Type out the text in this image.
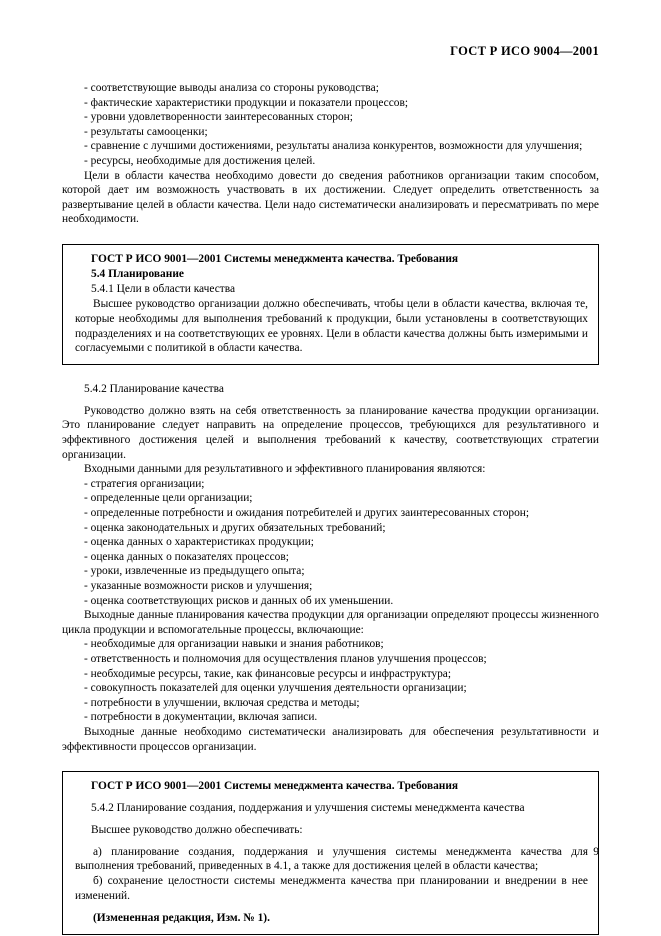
ГОСТ Р ИСО 9004—2001
- соответствующие выводы анализа со стороны руководства;
- фактические характеристики продукции и показатели процессов;
- уровни удовлетворенности заинтересованных сторон;
- результаты самооценки;
- сравнение с лучшими достижениями, результаты анализа конкурентов, возможности для улучшения;
- ресурсы, необходимые для достижения целей.
Цели в области качества необходимо довести до сведения работников организации таким способом, которой дает им возможность участвовать в их достижении. Следует определить ответственность за развертывание целей в области качества. Цели надо систематически анализировать и пересматривать по мере необходимости.
ГОСТ Р ИСО 9001—2001 Системы менеджмента качества. Требования
5.4 Планирование
5.4.1 Цели в области качества
Высшее руководство организации должно обеспечивать, чтобы цели в области качества, включая те, которые необходимы для выполнения требований к продукции, были установлены в соответствующих подразделениях и на соответствующих ее уровнях. Цели в области качества должны быть измеримыми и согласуемыми с политикой в области качества.
5.4.2 Планирование качества
Руководство должно взять на себя ответственность за планирование качества продукции организации. Это планирование следует направить на определение процессов, требующихся для результативного и эффективного достижения целей и выполнения требований к качеству, соответствующих стратегии организации.
Входными данными для результативного и эффективного планирования являются:
- стратегия организации;
- определенные цели организации;
- определенные потребности и ожидания потребителей и других заинтересованных сторон;
- оценка законодательных и других обязательных требований;
- оценка данных о характеристиках продукции;
- оценка данных о показателях процессов;
- уроки, извлеченные из предыдущего опыта;
- указанные возможности рисков и улучшения;
- оценка соответствующих рисков и данных об их уменьшении.
Выходные данные планирования качества продукции для организации определяют процессы жизненного цикла продукции и вспомогательные процессы, включающие:
- необходимые для организации навыки и знания работников;
- ответственность и полномочия для осуществления планов улучшения процессов;
- необходимые ресурсы, такие, как финансовые ресурсы и инфраструктура;
- совокупность показателей для оценки улучшения деятельности организации;
- потребности в улучшении, включая средства и методы;
- потребности в документации, включая записи.
Выходные данные необходимо систематически анализировать для обеспечения результативности и эффективности процессов организации.
ГОСТ Р ИСО 9001—2001 Системы менеджмента качества. Требования
5.4.2 Планирование создания, поддержания и улучшения системы менеджмента качества
Высшее руководство должно обеспечивать:
а) планирование создания, поддержания и улучшения системы менеджмента качества для выполнения требований, приведенных в 4.1, а также для достижения целей в области качества;
б) сохранение целостности системы менеджмента качества при планировании и внедрении в нее изменений.
(Измененная редакция, Изм. № 1).
9
